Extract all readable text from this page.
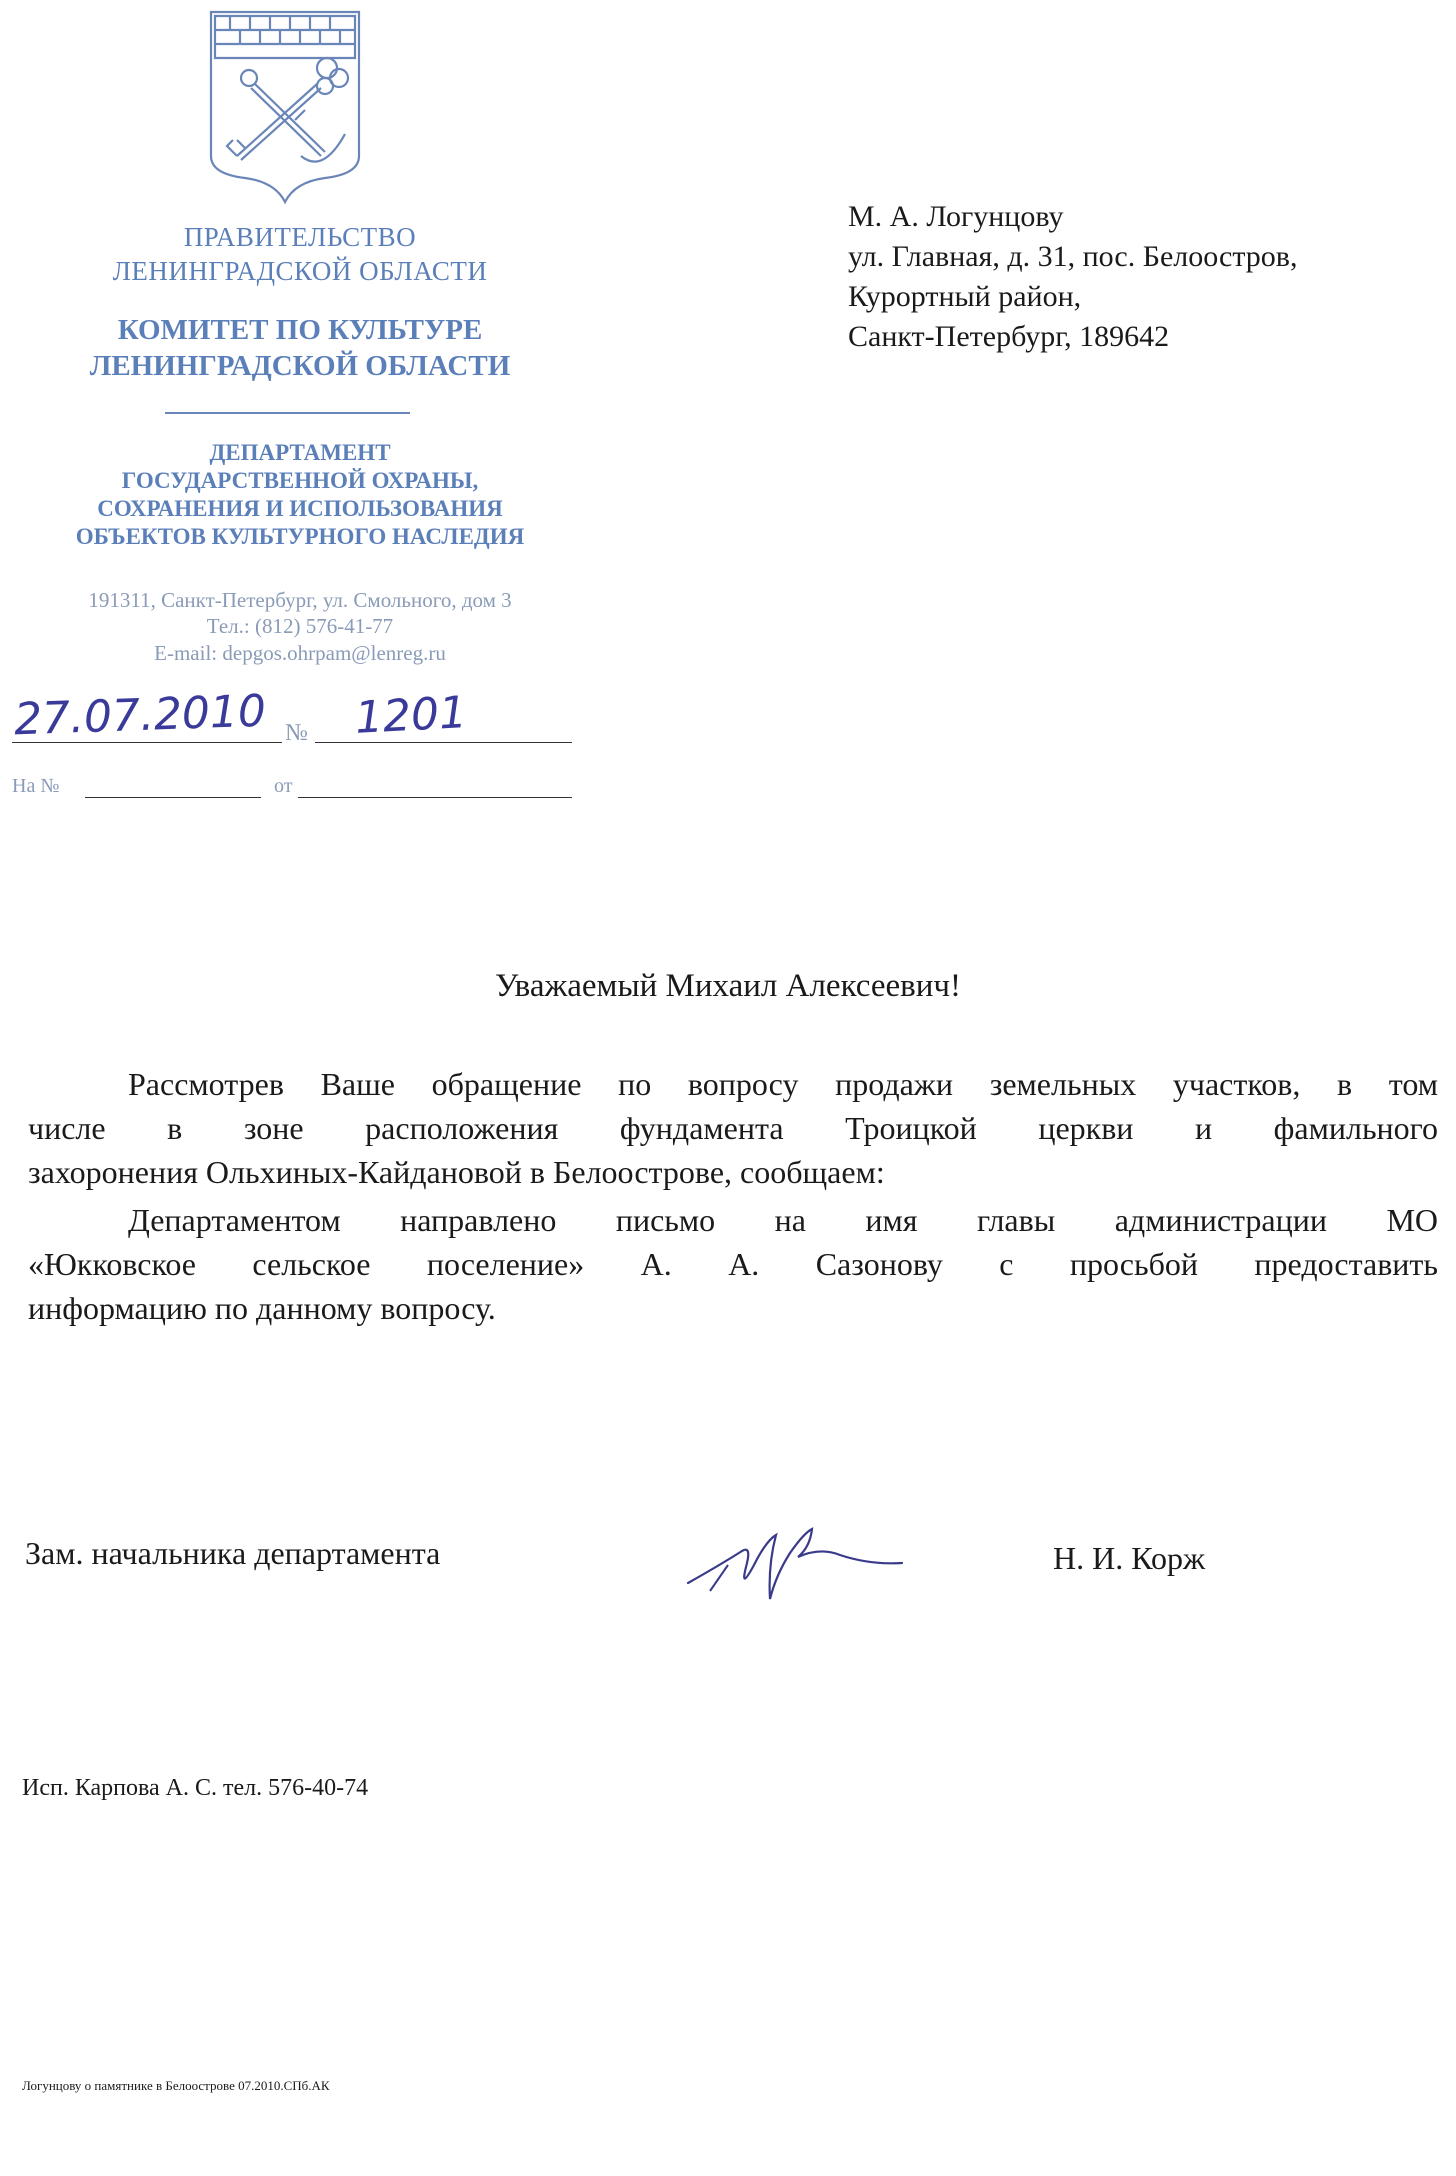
ПРАВИТЕЛЬСТВО
ЛЕНИНГРАДСКОЙ ОБЛАСТИ
КОМИТЕТ ПО КУЛЬТУРЕ
ЛЕНИНГРАДСКОЙ ОБЛАСТИ
ДЕПАРТАМЕНТ
ГОСУДАРСТВЕННОЙ ОХРАНЫ,
СОХРАНЕНИЯ И ИСПОЛЬЗОВАНИЯ
ОБЪЕКТОВ КУЛЬТУРНОГО НАСЛЕДИЯ
191311, Санкт-Петербург, ул. Смольного, дом 3
Тел.: (812) 576-41-77
E-mail: depgos.ohrpam@lenreg.ru
27.07.2010 № 1201
На №	от
М. А. Логунцову
ул. Главная, д. 31, пос. Белоостров,
Курортный район,
Санкт-Петербург, 189642
Уважаемый Михаил Алексеевич!
Рассмотрев Ваше обращение по вопросу продажи земельных участков, в том
числе в зоне расположения фундамента Троицкой церкви и фамильного
захоронения Ольхиных-Кайдановой в Белоострове, сообщаем:
Департаментом направлено письмо на имя главы администрации МО
«Юкковское сельское поселение» А. А. Сазонову с просьбой предоставить
информацию по данному вопросу.
Зам. начальника департамента	Н. И. Корж
Исп. Карпова А. С. тел. 576-40-74
Логунцову о памятнике в Белоострове 07.2010.СПб.АК
